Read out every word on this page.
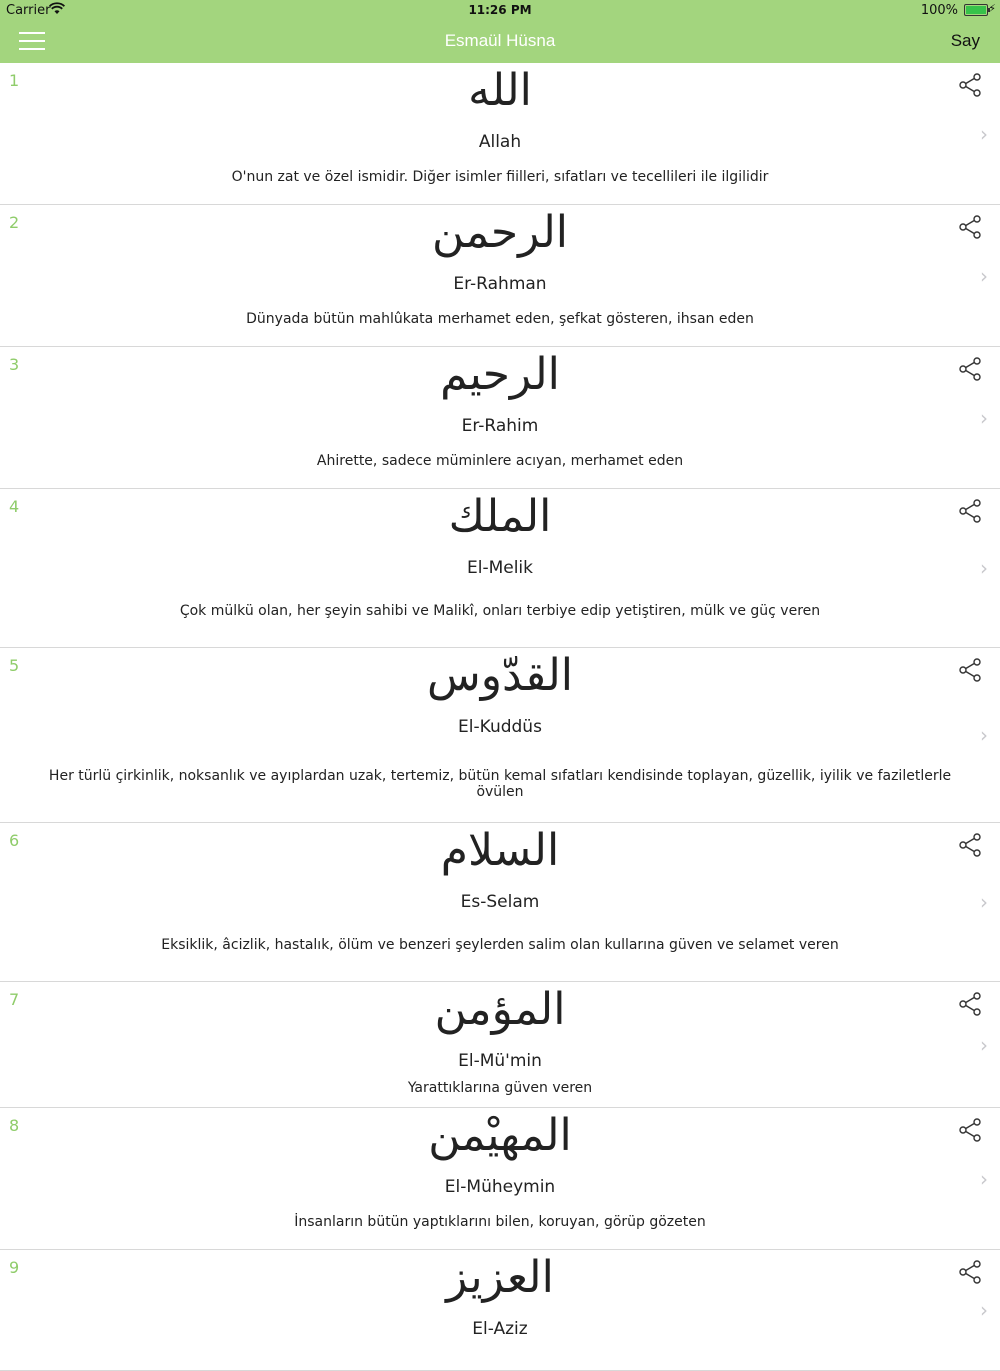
Carrier	11:26 PM	100%	⚡
Esmaül Hüsna	Say
1	الله
Allah
O'nun zat ve özel ismidir. Diğer isimler fiilleri, sıfatları ve tecellileri ile ilgilidir
›
2	الرحمن
Er-Rahman
Dünyada bütün mahlûkata merhamet eden, şefkat gösteren, ihsan eden
›
3	الرحيم
Er-Rahim
Ahirette, sadece müminlere acıyan, merhamet eden
›
4	الملك
El-Melik
Çok mülkü olan, her şeyin sahibi ve Malikî, onları terbiye edip yetiştiren, mülk ve güç veren
›
5	القدّوس
El-Kuddüs
Her türlü çirkinlik, noksanlık ve ayıplardan uzak, tertemiz, bütün kemal sıfatları kendisinde toplayan, güzellik, iyilik ve faziletlerle övülen
›
6	السلام
Es-Selam
Eksiklik, âcizlik, hastalık, ölüm ve benzeri şeylerden salim olan kullarına güven ve selamet veren
›
7	المؤمن
El-Mü'min
Yarattıklarına güven veren
›
8	المهيْمن
El-Müheymin
İnsanların bütün yaptıklarını bilen, koruyan, görüp gözeten
›
9	العزيز
El-Aziz
›
